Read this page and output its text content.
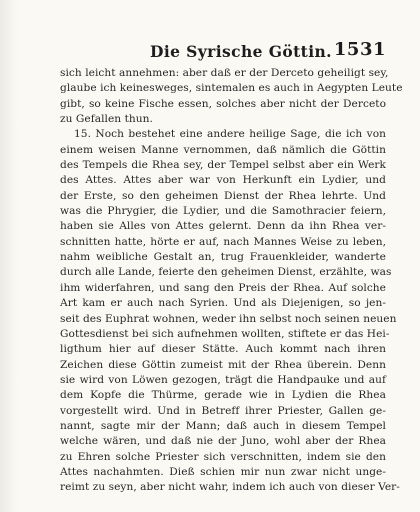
Die Syrische Göttin. 1531
sich leicht annehmen: aber daß er der Derceto geheiligt sey,
glaube ich keinesweges, sintemalen es auch in Aegypten Leute
gibt, so keine Fische essen, solches aber nicht der Derceto
zu Gefallen thun.
15. Noch bestehet eine andere heilige Sage, die ich von
einem weisen Manne vernommen, daß nämlich die Göttin
des Tempels die Rhea sey, der Tempel selbst aber ein Werk
des Attes. Attes aber war von Herkunft ein Lydier, und
der Erste, so den geheimen Dienst der Rhea lehrte. Und
was die Phrygier, die Lydier, und die Samothracier feiern,
haben sie Alles von Attes gelernt. Denn da ihn Rhea ver-
schnitten hatte, hörte er auf, nach Mannes Weise zu leben,
nahm weibliche Gestalt an, trug Frauenkleider, wanderte
durch alle Lande, feierte den geheimen Dienst, erzählte, was
ihm widerfahren, und sang den Preis der Rhea. Auf solche
Art kam er auch nach Syrien. Und als Diejenigen, so jen-
seit des Euphrat wohnen, weder ihn selbst noch seinen neuen
Gottesdienst bei sich aufnehmen wollten, stiftete er das Hei-
ligthum hier auf dieser Stätte. Auch kommt nach ihren
Zeichen diese Göttin zumeist mit der Rhea überein. Denn
sie wird von Löwen gezogen, trägt die Handpauke und auf
dem Kopfe die Thürme, gerade wie in Lydien die Rhea
vorgestellt wird. Und in Betreff ihrer Priester, Gallen ge-
nannt, sagte mir der Mann; daß auch in diesem Tempel
welche wären, und daß nie der Juno, wohl aber der Rhea
zu Ehren solche Priester sich verschnitten, indem sie den
Attes nachahmten. Dieß schien mir nun zwar nicht unge-
reimt zu seyn, aber nicht wahr, indem ich auch von dieser Ver-
